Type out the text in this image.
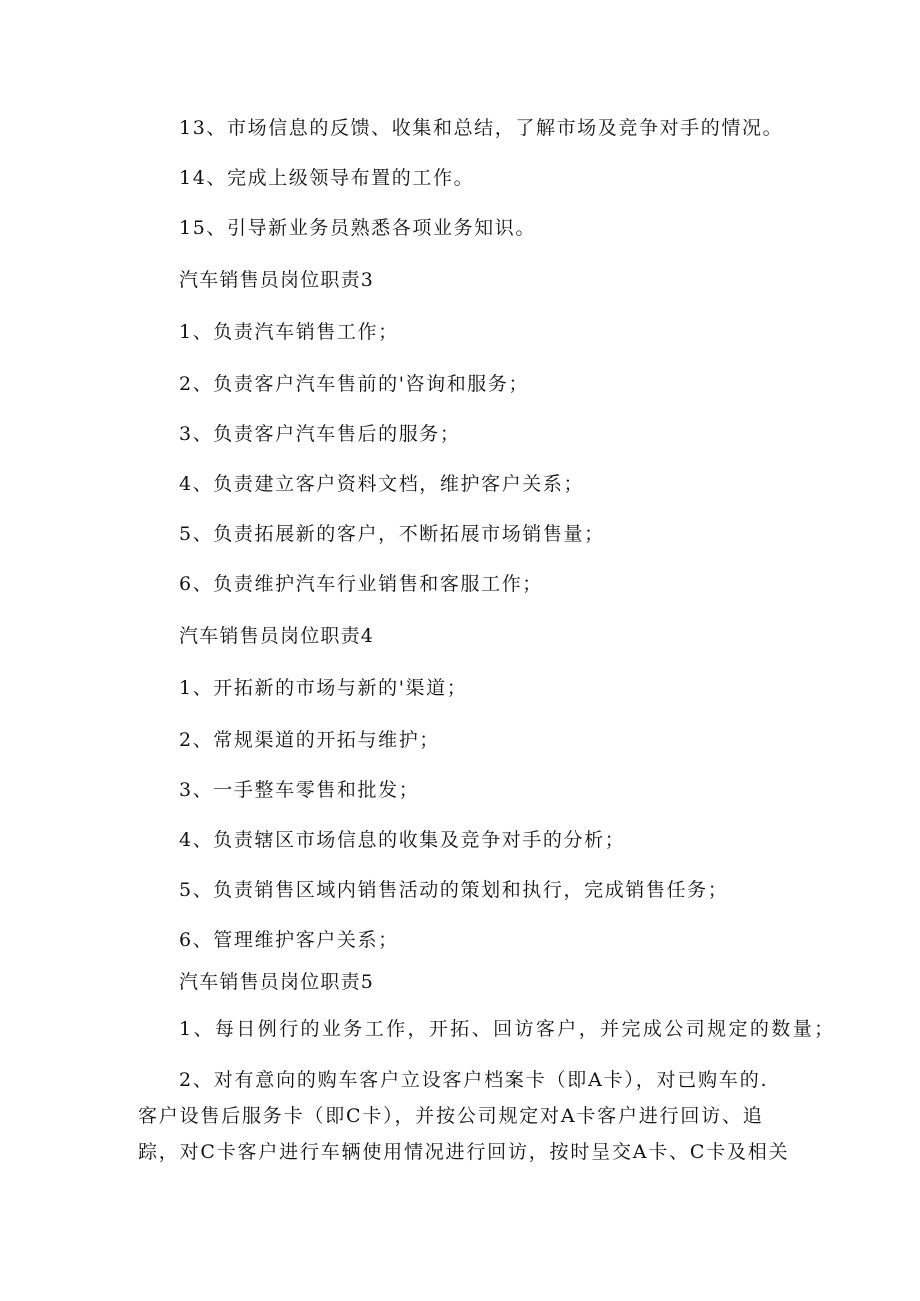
13、市场信息的反馈、收集和总结，了解市场及竞争对手的情况。
14、完成上级领导布置的工作。
15、引导新业务员熟悉各项业务知识。
汽车销售员岗位职责3
1、负责汽车销售工作；
2、负责客户汽车售前的'咨询和服务；
3、负责客户汽车售后的服务；
4、负责建立客户资料文档，维护客户关系；
5、负责拓展新的客户，不断拓展市场销售量；
6、负责维护汽车行业销售和客服工作；
汽车销售员岗位职责4
1、开拓新的市场与新的'渠道；
2、常规渠道的开拓与维护；
3、一手整车零售和批发；
4、负责辖区市场信息的收集及竞争对手的分析；
5、负责销售区域内销售活动的策划和执行，完成销售任务；
6、管理维护客户关系；
汽车销售员岗位职责5
1、每日例行的业务工作，开拓、回访客户，并完成公司规定的数量；
2、对有意向的购车客户立设客户档案卡（即A卡），对已购车的.
客户设售后服务卡（即C卡），并按公司规定对A卡客户进行回访、追
踪，对C卡客户进行车辆使用情况进行回访，按时呈交A卡、C卡及相关
